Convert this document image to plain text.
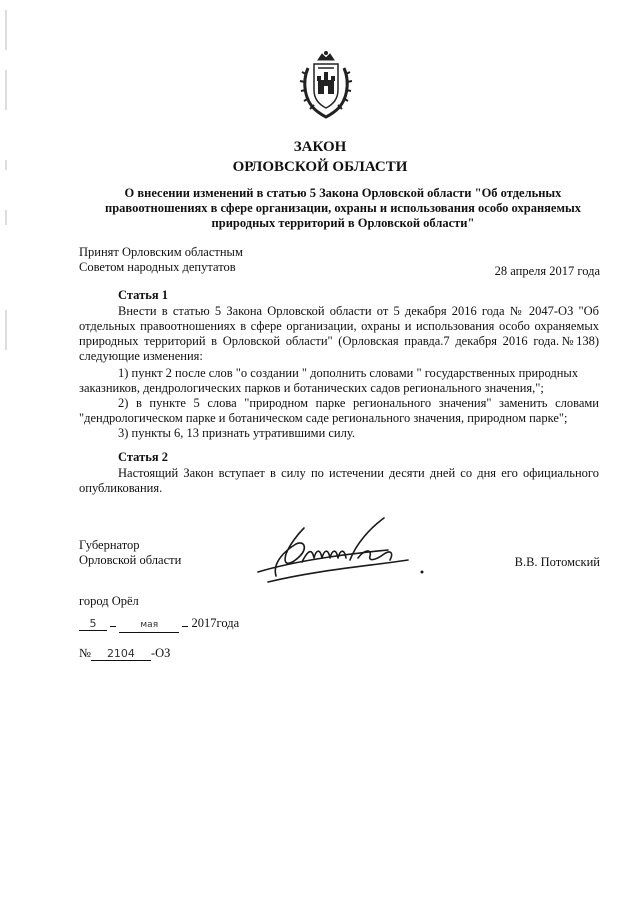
ЗАКОН
ОРЛОВСКОЙ ОБЛАСТИ
О внесении изменений в статью 5 Закона Орловской области "Об отдельных
правоотношениях в сфере организации, охраны и использования особо охраняемых
природных территорий в Орловской области"
Принят Орловским областным
Советом народных депутатов	28 апреля 2017 года
Статья 1
Внести в статью 5 Закона Орловской области от 5 декабря 2016 года № 2047-ОЗ "Об отдельных правоотношениях в сфере организации, охраны и использования особо охраняемых природных территорий в Орловской области" (Орловская правда.7 декабря 2016 года.№138) следующие изменения:
1) пункт 2 после слов "о создании " дополнить словами " государственных природных
заказников, дендрологических парков и ботанических садов регионального значения,";
2) в пункте 5 слова "природном парке регионального значения" заменить словами
"дендрологическом парке и ботаническом саде регионального значения, природном парке";
3) пункты 6, 13 признать утратившими силу.
Статья 2
Настоящий Закон вступает в силу по истечении десяти дней со дня его официального опубликования.
Губернатор
Орловской области	В.В. Потомский
город Орёл
5	мая	2017года
№ 2104 -ОЗ
